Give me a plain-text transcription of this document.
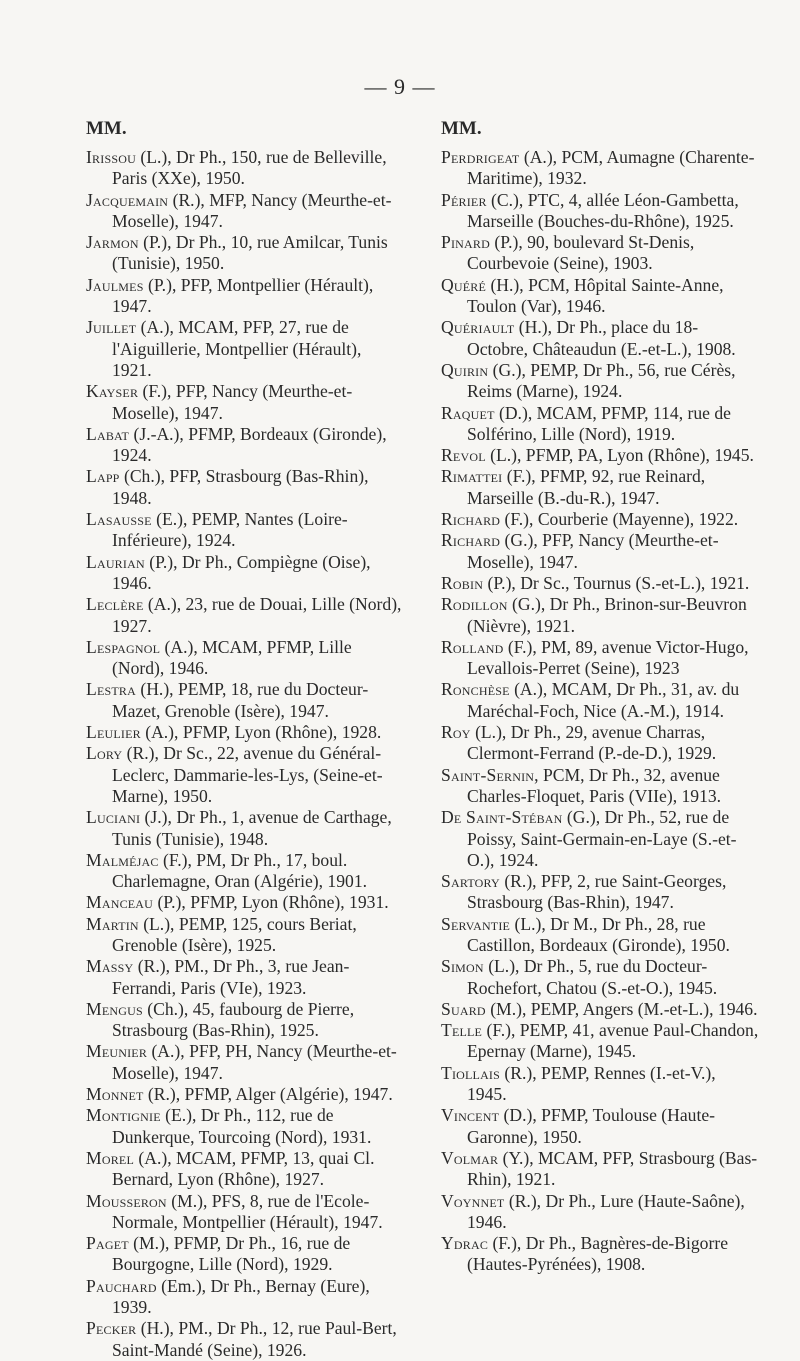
— 9 —
MM.

Irissou (L.), Dr Ph., 150, rue de Belleville, Paris (XXe), 1950.

Jacquemain (R.), MFP, Nancy (Meurthe-et-Moselle), 1947.

Jarmon (P.), Dr Ph., 10, rue Amilcar, Tunis (Tunisie), 1950.

Jaulmes (P.), PFP, Montpellier (Hérault), 1947.

Juillet (A.), MCAM, PFP, 27, rue de l'Aiguillerie, Montpellier (Hérault), 1921.

Kayser (F.), PFP, Nancy (Meurthe-et-Moselle), 1947.

Labat (J.-A.), PFMP, Bordeaux (Gironde), 1924.

Lapp (Ch.), PFP, Strasbourg (Bas-Rhin), 1948.

Lasausse (E.), PEMP, Nantes (Loire-Inférieure), 1924.

Laurian (P.), Dr Ph., Compiègne (Oise), 1946.

Leclère (A.), 23, rue de Douai, Lille (Nord), 1927.

Lespagnol (A.), MCAM, PFMP, Lille (Nord), 1946.

Lestra (H.), PEMP, 18, rue du Docteur-Mazet, Grenoble (Isère), 1947.

Leulier (A.), PFMP, Lyon (Rhône), 1928.

Lory (R.), Dr Sc., 22, avenue du Général-Leclerc, Dammarie-les-Lys, (Seine-et-Marne), 1950.

Luciani (J.), Dr Ph., 1, avenue de Carthage, Tunis (Tunisie), 1948.

Malméjac (F.), PM, Dr Ph., 17, boul. Charlemagne, Oran (Algérie), 1901.

Manceau (P.), PFMP, Lyon (Rhône), 1931.

Martin (L.), PEMP, 125, cours Beriat, Grenoble (Isère), 1925.

Massy (R.), PM., Dr Ph., 3, rue Jean-Ferrandi, Paris (VIe), 1923.

Mengus (Ch.), 45, faubourg de Pierre, Strasbourg (Bas-Rhin), 1925.

Meunier (A.), PFP, PH, Nancy (Meurthe-et-Moselle), 1947.

Monnet (R.), PFMP, Alger (Algérie), 1947.

Montignie (E.), Dr Ph., 112, rue de Dunkerque, Tourcoing (Nord), 1931.

Morel (A.), MCAM, PFMP, 13, quai Cl. Bernard, Lyon (Rhône), 1927.

Mousseron (M.), PFS, 8, rue de l'Ecole-Normale, Montpellier (Hérault), 1947.

Paget (M.), PFMP, Dr Ph., 16, rue de Bourgogne, Lille (Nord), 1929.

Pauchard (Em.), Dr Ph., Bernay (Eure), 1939.

Pecker (H.), PM., Dr Ph., 12, rue Paul-Bert, Saint-Mandé (Seine), 1926.

MM.

Perdrigeat (A.), PCM, Aumagne (Charente-Maritime), 1932.

Périer (C.), PTC, 4, allée Léon-Gambetta, Marseille (Bouches-du-Rhône), 1925.

Pinard (P.), 90, boulevard St-Denis, Courbevoie (Seine), 1903.

Quéré (H.), PCM, Hôpital Sainte-Anne, Toulon (Var), 1946.

Quériault (H.), Dr Ph., place du 18-Octobre, Châteaudun (E.-et-L.), 1908.

Quirin (G.), PEMP, Dr Ph., 56, rue Cérès, Reims (Marne), 1924.

Raquet (D.), MCAM, PFMP, 114, rue de Solférino, Lille (Nord), 1919.

Revol (L.), PFMP, PA, Lyon (Rhône), 1945.

Rimattei (F.), PFMP, 92, rue Reinard, Marseille (B.-du-R.), 1947.

Richard (F.), Courberie (Mayenne), 1922.

Richard (G.), PFP, Nancy (Meurthe-et-Moselle), 1947.

Robin (P.), Dr Sc., Tournus (S.-et-L.), 1921.

Rodillon (G.), Dr Ph., Brinon-sur-Beuvron (Nièvre), 1921.

Rolland (F.), PM, 89, avenue Victor-Hugo, Levallois-Perret (Seine), 1923

Ronchèse (A.), MCAM, Dr Ph., 31, av. du Maréchal-Foch, Nice (A.-M.), 1914.

Roy (L.), Dr Ph., 29, avenue Charras, Clermont-Ferrand (P.-de-D.), 1929.

Saint-Sernin, PCM, Dr Ph., 32, avenue Charles-Floquet, Paris (VIIe), 1913.

De Saint-Stéban (G.), Dr Ph., 52, rue de Poissy, Saint-Germain-en-Laye (S.-et-O.), 1924.

Sartory (R.), PFP, 2, rue Saint-Georges, Strasbourg (Bas-Rhin), 1947.

Servantie (L.), Dr M., Dr Ph., 28, rue Castillon, Bordeaux (Gironde), 1950.

Simon (L.), Dr Ph., 5, rue du Docteur-Rochefort, Chatou (S.-et-O.), 1945.

Suard (M.), PEMP, Angers (M.-et-L.), 1946.

Telle (F.), PEMP, 41, avenue Paul-Chandon, Epernay (Marne), 1945.

Tiollais (R.), PEMP, Rennes (I.-et-V.), 1945.

Vincent (D.), PFMP, Toulouse (Haute-Garonne), 1950.

Volmar (Y.), MCAM, PFP, Strasbourg (Bas-Rhin), 1921.

Voynnet (R.), Dr Ph., Lure (Haute-Saône), 1946.

Ydrac (F.), Dr Ph., Bagnères-de-Bigorre (Hautes-Pyrénées), 1908.
